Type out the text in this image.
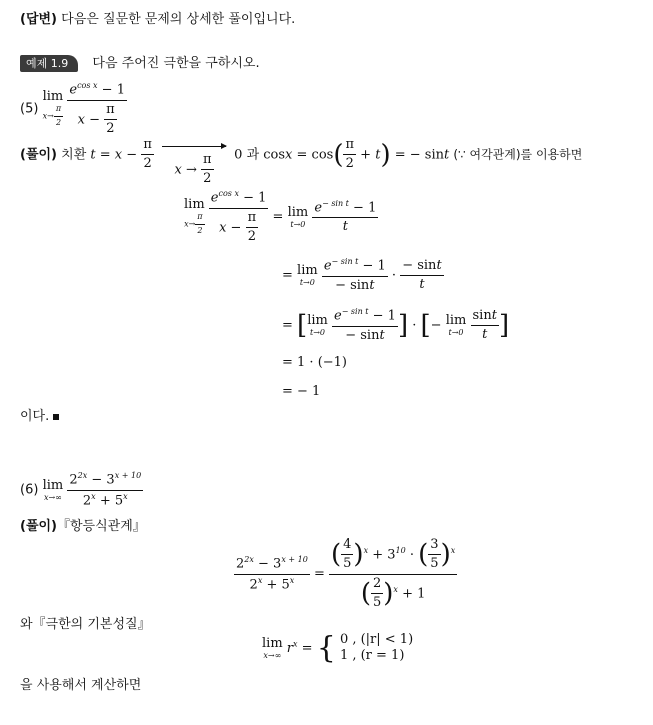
(답변) 다음은 질문한 문제의 상세한 풀이입니다.
예제 1.9 다음 주어진 극한을 구하시오.
(5)
lim
$x\to \frac{\pi}{2}$
$\frac{e^{cos x} - 1}{x - \frac{\pi}{2}}$
(풀이) 치환 $t = x - \frac{\pi}{2}$
$x \to \frac{\pi}{2} 0$ 과 $\cos x = \cos( \frac{\pi}{2} + t)$ = − sint (∵ 여각관계)를 이용하면
lim
$x\to \frac{\pi}{2}$
$\frac{e^{cos x} - 1}{x - \frac{\pi}{2}} = \lim$
t→0
$\frac{e^{- sin t} - 1}{t}$
= lim
t→0
$\frac{e^{- sin t} - 1}{- \sin t} \cdot \frac{- \sin t}{t}$
= [ lim
t→0
$\frac{e^{- sin t} - 1}{- \sin t}$ ] · [− lim
t→0
$\frac{\sin t}{t}$ ]
= 1 · (−1)
= − 1
이다.
(6) lim
x→∞
$\frac{2^{2x} - 3^{x + 10}}{2^x + 5^x}$
(풀이)『항등식관계』
$\frac{2^{2x} - 3^{x + 10}}{2^x + 5^x} = \frac{( \frac{4}{5} )^x + 3^{10} \cdot ( \frac{3}{5} )^x}{( \frac{2}{5} )^x + 1}$
와『극한의 기본성질』
lim
x→∞ $r^x$ = { 0 , (|r| < 1)
1 , (r = 1)
을 사용해서 계산하면
